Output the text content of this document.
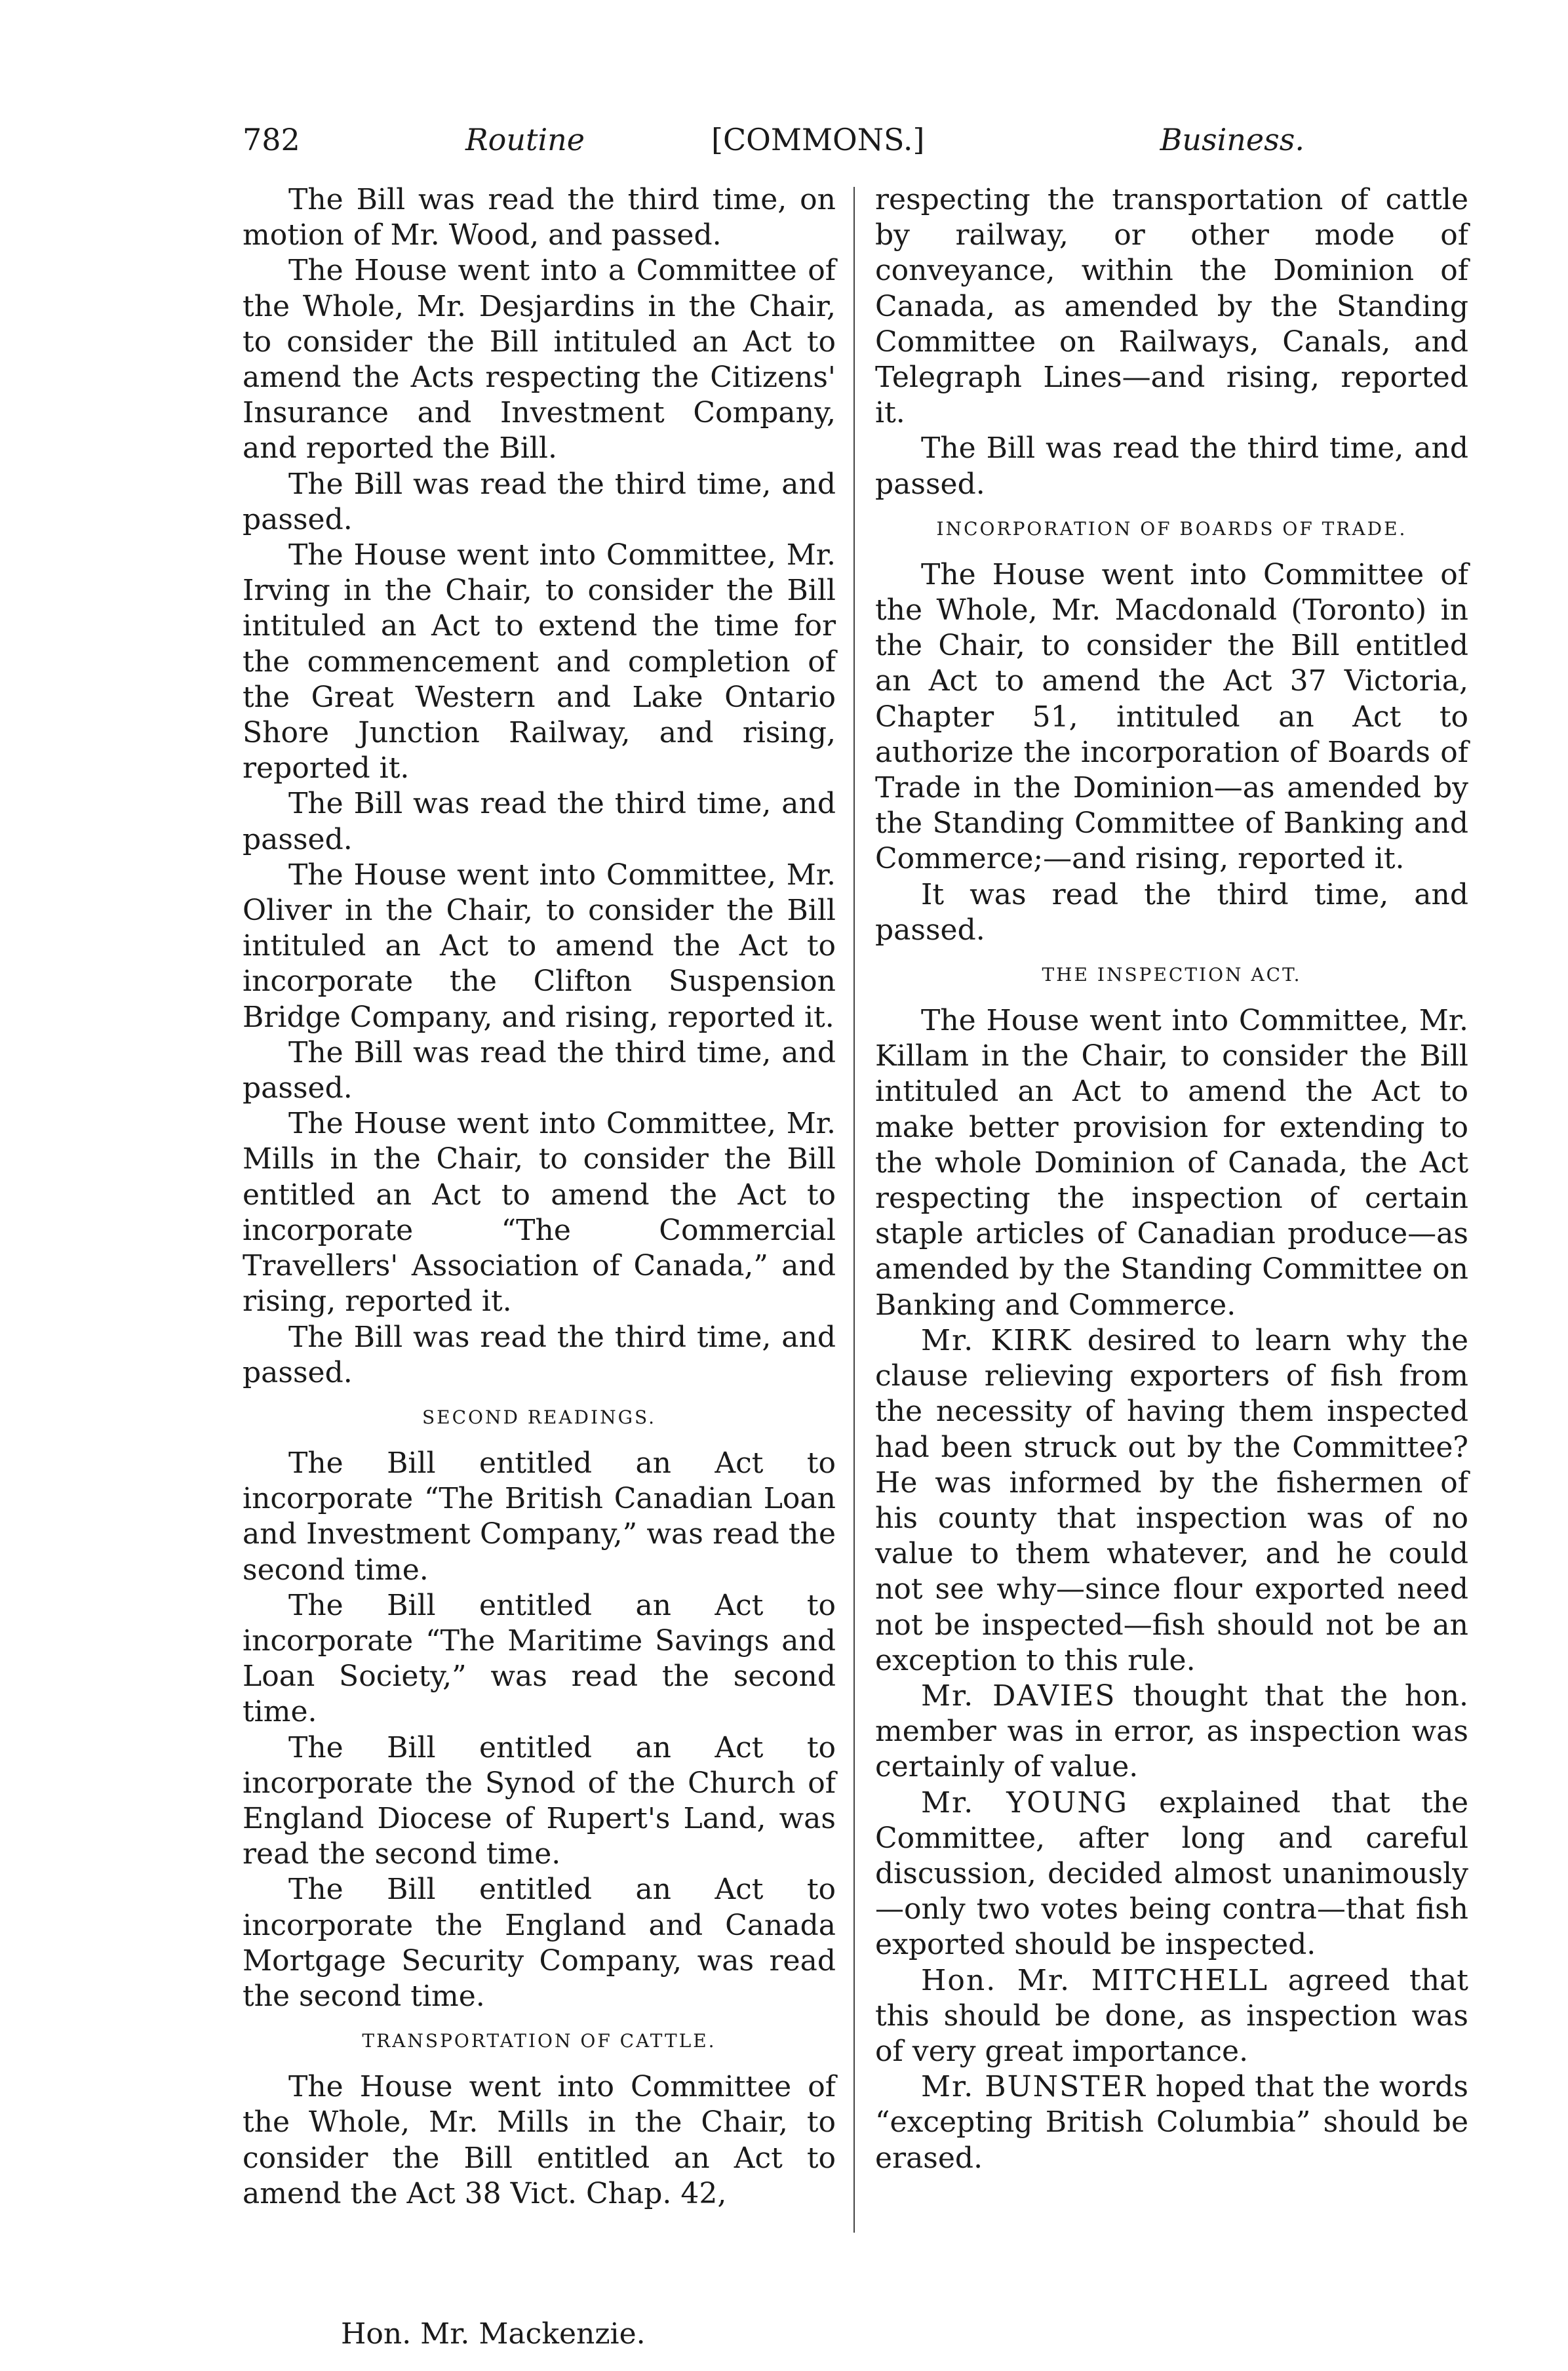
782	Routine	[COMMONS.]	Business.

The Bill was read the third time, on motion of Mr. Wood, and passed.

The House went into a Committee of the Whole, Mr. Desjardins in the Chair, to consider the Bill intituled an Act to amend the Acts respecting the Citizens' Insurance and Investment Company, and reported the Bill.

The Bill was read the third time, and passed.

The House went into Committee, Mr. Irving in the Chair, to consider the Bill intituled an Act to extend the time for the commencement and completion of the Great Western and Lake Ontario Shore Junction Railway, and rising, reported it.

The Bill was read the third time, and passed.

The House went into Committee, Mr. Oliver in the Chair, to consider the Bill intituled an Act to amend the Act to incorporate the Clifton Suspension Bridge Company, and rising, reported it.

The Bill was read the third time, and passed.

The House went into Committee, Mr. Mills in the Chair, to consider the Bill entitled an Act to amend the Act to incorporate “The Commercial Travellers' Association of Canada,” and rising, reported it.

The Bill was read the third time, and passed.

SECOND READINGS.

The Bill entitled an Act to incorporate “The British Canadian Loan and Investment Company,” was read the second time.

The Bill entitled an Act to incorporate “The Maritime Savings and Loan Society,” was read the second time.

The Bill entitled an Act to incorporate the Synod of the Church of England Diocese of Rupert's Land, was read the second time.

The Bill entitled an Act to incorporate the England and Canada Mortgage Security Company, was read the second time.

TRANSPORTATION OF CATTLE.

The House went into Committee of the Whole, Mr. Mills in the Chair, to consider the Bill entitled an Act to amend the Act 38 Vict. Chap. 42,

respecting the transportation of cattle by railway, or other mode of conveyance, within the Dominion of Canada, as amended by the Standing Committee on Railways, Canals, and Telegraph Lines—and rising, reported it.

The Bill was read the third time, and passed.

INCORPORATION OF BOARDS OF TRADE.

The House went into Committee of the Whole, Mr. Macdonald (Toronto) in the Chair, to consider the Bill entitled an Act to amend the Act 37 Victoria, Chapter 51, intituled an Act to authorize the incorporation of Boards of Trade in the Dominion—as amended by the Standing Committee of Banking and Commerce;—and rising, reported it.

It was read the third time, and passed.

THE INSPECTION ACT.

The House went into Committee, Mr. Killam in the Chair, to consider the Bill intituled an Act to amend the Act to make better provision for extending to the whole Dominion of Canada, the Act respecting the inspection of certain staple articles of Canadian produce—as amended by the Standing Committee on Banking and Commerce.

Mr. KIRK desired to learn why the clause relieving exporters of fish from the necessity of having them inspected had been struck out by the Committee? He was informed by the fishermen of his county that inspection was of no value to them whatever, and he could not see why—since flour exported need not be inspected—fish should not be an exception to this rule.

Mr. DAVIES thought that the hon. member was in error, as inspection was certainly of value.

Mr. YOUNG explained that the Committee, after long and careful discussion, decided almost unanimously—only two votes being contra—that fish exported should be inspected.

Hon. Mr. MITCHELL agreed that this should be done, as inspection was of very great importance.

Mr. BUNSTER hoped that the words “excepting British Columbia” should be erased.

Hon. Mr. Mackenzie.
